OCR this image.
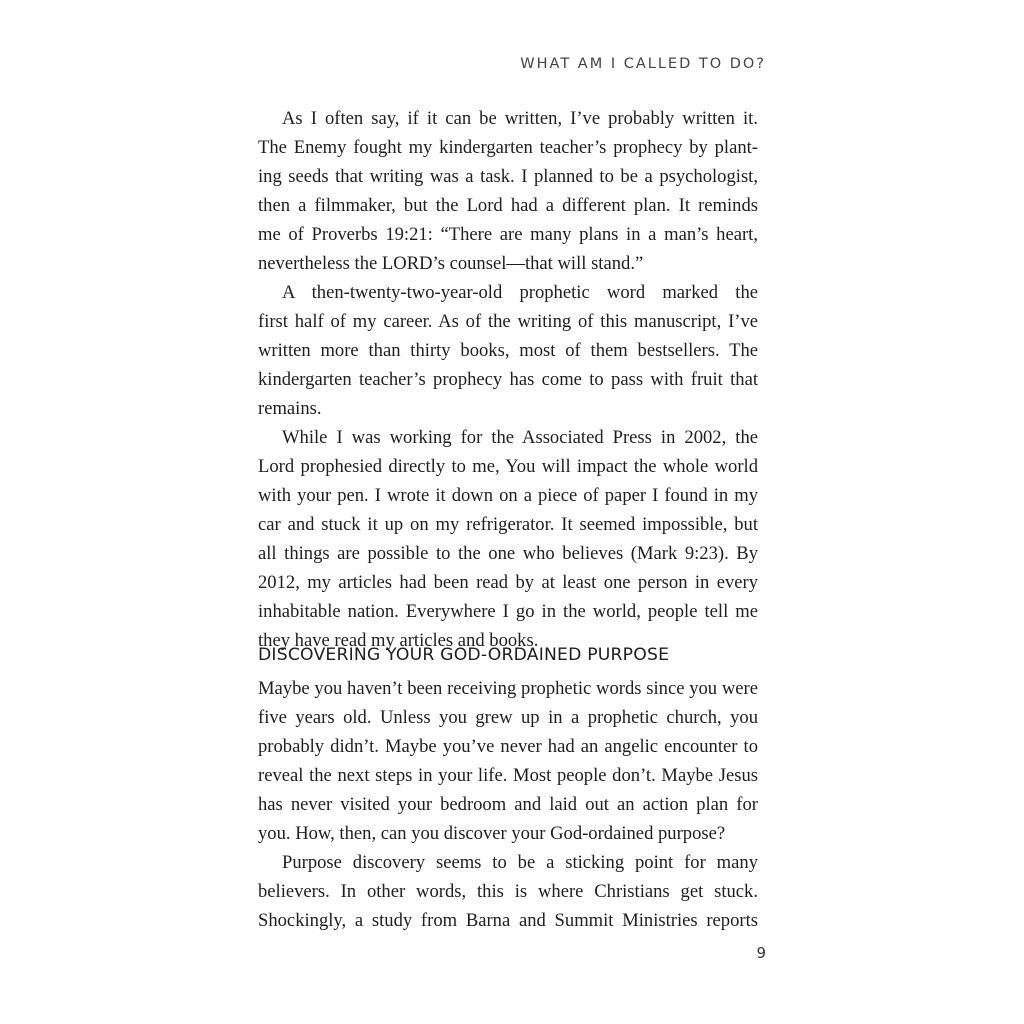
WHAT AM I CALLED TO DO?
As I often say, if it can be written, I’ve probably written it.
The Enemy fought my kindergarten teacher’s prophecy by plant-
ing seeds that writing was a task. I planned to be a psychologist,
then a filmmaker, but the Lord had a different plan. It reminds
me of Proverbs 19:21: “There are many plans in a man’s heart,
nevertheless the LORD’s counsel—that will stand.”
A then-twenty-two-year-old prophetic word marked the
first half of my career. As of the writing of this manuscript, I’ve
written more than thirty books, most of them bestsellers. The
kindergarten teacher’s prophecy has come to pass with fruit that
remains.
While I was working for the Associated Press in 2002, the
Lord prophesied directly to me, You will impact the whole world
with your pen. I wrote it down on a piece of paper I found in my
car and stuck it up on my refrigerator. It seemed impossible, but
all things are possible to the one who believes (Mark 9:23). By
2012, my articles had been read by at least one person in every
inhabitable nation. Everywhere I go in the world, people tell me
they have read my articles and books.
DISCOVERING YOUR GOD-ORDAINED PURPOSE
Maybe you haven’t been receiving prophetic words since you were
five years old. Unless you grew up in a prophetic church, you
probably didn’t. Maybe you’ve never had an angelic encounter to
reveal the next steps in your life. Most people don’t. Maybe Jesus
has never visited your bedroom and laid out an action plan for
you. How, then, can you discover your God-ordained purpose?
Purpose discovery seems to be a sticking point for many
believers. In other words, this is where Christians get stuck.
Shockingly, a study from Barna and Summit Ministries reports
9
